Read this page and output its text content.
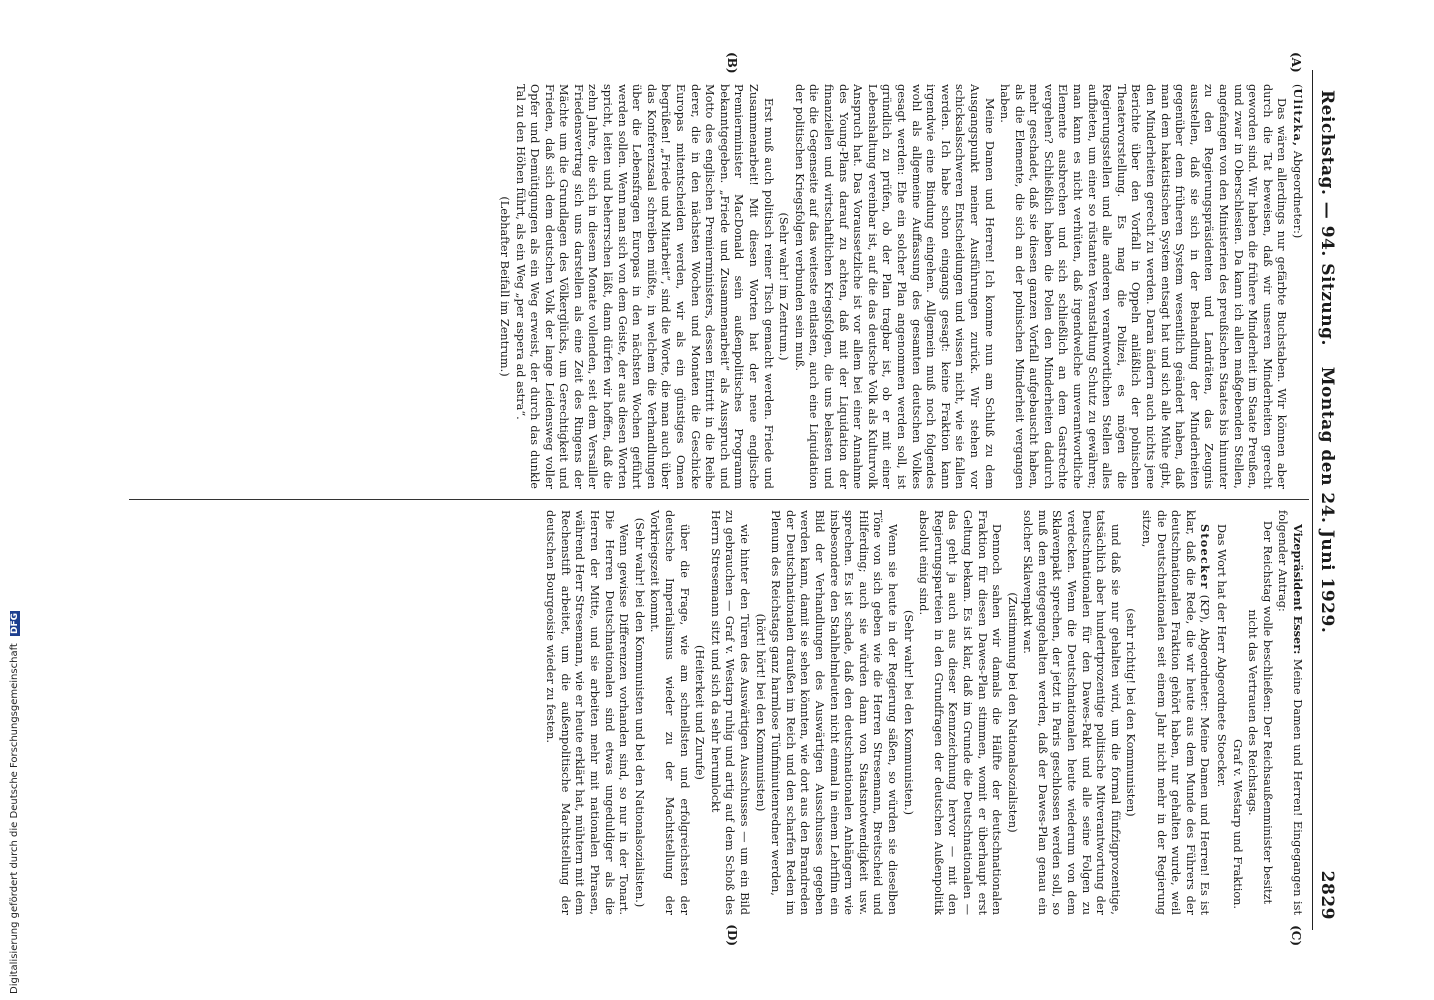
Reichstag. — 94. Sitzung.
Montag den 24. Juni 1929.
2829
(A)
(B)
(C)
(D)

(Ulitzka, Abgeordneter:)

Das wären allerdings nur gefärbte Buchstaben. Wir können aber durch die Tat beweisen, daß wir unseren Minderheiten gerecht geworden sind. Wir haben die frühere Minderheit im Staate Preußen, und zwar in Oberschlesien. Da kann ich allen maßgebenden Stellen, angefangen von den Ministerien des preußischen Staates bis hinunter zu den Regierungspräsidenten und Landräten, das Zeugnis ausstellen, daß sie sich in der Behandlung der Minderheiten gegenüber dem früheren System wesentlich geändert haben, daß man dem hakatistischen System entsagt hat und sich alle Mühe gibt, den Minderheiten gerecht zu werden. Daran ändern auch nichts jene Berichte über den Vorfall in Oppeln anläßlich der polnischen Theatervorstellung. Es mag die Polizei, es mögen die Regierungsstellen und alle anderen verantwortlichen Stellen alles aufbieten, um einer so rüstanten Veranstaltung Schutz zu gewähren; man kann es nicht verhüten, daß irgendwelche unverantwortliche Elemente ausbrechen und sich schließlich an dem Gastrechte vergehen? Schließlich haben die Polen den Minderheiten dadurch mehr geschadet, daß sie diesen ganzen Vorfall aufgebauscht haben, als die Elemente, die sich an der polnischen Minderheit vergangen haben.

Meine Damen und Herren! Ich komme nun am Schluß zu dem Ausgangspunkt meiner Ausführungen zurück. Wir stehen vor schicksalsschweren Entscheidungen und wissen nicht, wie sie fallen werden. Ich habe schon eingangs gesagt: keine Fraktion kann irgendwie eine Bindung eingehen. Allgemein muß noch folgendes wohl als allgemeine Auffassung des gesamten deutschen Volkes gesagt werden: Ehe ein solcher Plan angenommen werden soll, ist gründlich zu prüfen, ob der Plan tragbar ist, ob er mit einer Lebenshaltung vereinbar ist, auf die das deutsche Volk als Kulturvolk Anspruch hat. Das Voraussetzliche ist vor allem bei einer Annahme des Young-Plans darauf zu achten, daß mit der Liquidation der finanziellen und wirtschaftlichen Kriegsfolgen, die uns belasten und die die Gegenseite auf das weiteste entlasten, auch eine Liquidation der politischen Kriegsfolgen verbunden sein muß.

(Sehr wahr! im Zentrum.)

Erst muß auch politisch reiner Tisch gemacht werden. Friede und Zusammenarbeit! Mit diesen Worten hat der neue englische Premierminister MacDonald sein außenpolitisches Programm bekanntgegeben. „Friede und Zusammenarbeit“ als Ausspruch und Motto des englischen Premierministers, dessen Eintritt in die Reihe derer, die in den nächsten Wochen und Monaten die Geschicke Europas mitentscheiden werden, wir als ein günstiges Omen begrüßen! „Friede und Mitarbeit“, sind die Worte, die man auch über das Konferenzsaal schreiben müßte, in welchem die Verhandlungen über die Lebensfragen Europas in den nächsten Wochen geführt werden sollen. Wenn man sich von dem Geiste, der aus diesen Worten spricht, leiten und beherrschen läßt, dann dürfen wir hoffen, daß die zehn Jahre, die sich in diesem Monate vollenden, seit dem Versailler Friedensvertrag sich uns darstellen als eine Zeit des Ringens der Mächte um die Grundlagen des Völkerglücks, um Gerechtigkeit und Frieden, daß sich dem deutschen Volk der lange Leidensweg voller Opfer und Demütigungen als ein Weg erweist, der durch das dunkle Tal zu den Höhen führt, als ein Weg „per aspera ad astra“.

(Lebhafter Beifall im Zentrum.)

Vizepräsident Esser: Meine Damen und Herren! Eingegangen ist folgender Antrag:

Der Reichstag wolle beschließen: Der Reichsaußenminister besitzt nicht das Vertrauen des Reichstags.

Graf v. Westarp und Fraktion.

Das Wort hat der Herr Abgeordnete Stoecker.

Stoecker (KP), Abgeordneter: Meine Damen und Herren! Es ist klar, daß die Rede, die wir heute aus dem Munde des Führers der deutschnationalen Fraktion gehört haben, nur gehalten wurde, weil die Deutschnationalen seit einem Jahr nicht mehr in der Regierung sitzen,

(sehr richtig! bei den Kommunisten)

und daß sie nur gehalten wird, um die formal fünfzigprozentige, tatsächlich aber hundertprozentige politische Mitverantwortung der Deutschnationalen für den Dawes-Pakt und alle seine Folgen zu verdecken. Wenn die Deutschnationalen heute wiederum von dem Sklavenpakt sprechen, der jetzt in Paris geschlossen werden soll, so muß dem entgegengehalten werden, daß der Dawes-Plan genau ein solcher Sklavenpakt war.

(Zustimmung bei den Nationalsozialisten)

Dennoch sahen wir damals die Hälfte der deutschnationalen Fraktion für diesen Dawes-Plan stimmen, womit er überhaupt erst Geltung bekam. Es ist klar, daß im Grunde die Deutschnationalen — das geht ja auch aus dieser Kennzeichnung hervor — mit den Regierungsparteien in den Grundfragen der deutschen Außenpolitik absolut einig sind.

(Sehr wahr! bei den Kommunisten.)

Wenn sie heute in der Regierung säßen, so würden sie dieselben Töne von sich geben wie die Herren Stresemann, Breitscheid und Hilferding; auch sie würden dann von Staatsnotwendigkeit usw. sprechen. Es ist schade, daß den deutschnationalen Anhängern wie insbesondere den Stahlhelmleuten nicht einmal in einem Lehrfilm ein Bild der Verhandlungen des Auswärtigen Ausschusses gegeben werden kann, damit sie sehen könnten, wie dort aus den Brandreden der Deutschnationalen draußen im Reich und den scharfen Reden im Plenum des Reichstags ganz harmlose Tünfminutenredner werden,

(hört! hört! bei den Kommunisten)

wie hinter den Türen des Auswärtigen Ausschusses — um ein Bild zu gebrauchen — Graf v. Westarp ruhig und artig auf dem Schoß des Herrn Stresemann sitzt und sich da sehr herumlockt

(Heiterkeit und Zurufe)

über die Frage, wie am schnellsten und erfolgreichsten der deutsche Imperialismus wieder zu der Machtstellung der Vorkriegszeit kommt.

(Sehr wahr! bei den Kommunisten und bei den Nationalsozialisten.)

Wenn gewisse Differenzen vorhanden sind, so nur in der Tonart. Die Herren Deutschnationalen sind etwas ungeduldiger als die Herren der Mitte, und sie arbeiten mehr mit nationalen Phrasen, während Herr Stresemann, wie er heute erklärt hat, mühtern mit dem Rechenstift arbeitet, um die außenpolitische Machtstellung der deutschen Bourgeoisie wieder zu festen.

Digitalisierung gefördert durch die Deutsche Forschungsgemeinschaft DFG
